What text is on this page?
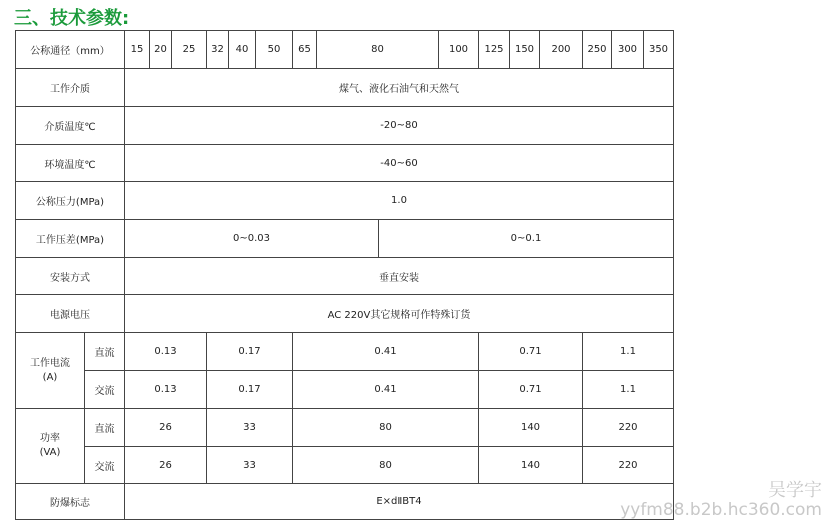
三、技术参数:
公称通径（mm）		15	20	25	32	40	50	65	80		100	125	150	200	250	300	350
工作介质		煤气、液化石油气和天然气															
介质温度℃		-20~80															
环境温度℃		-40~60															
公称压力(MPa)		1.0															
工作压差(MPa)		0~0.03								0~0.1							
安装方式		垂直安装															
电源电压		AC 220V其它规格可作特殊订货															

工作电流
(A)	直流	0.13			0.17			0.41				0.71			1.1		
	交流	0.13			0.17			0.41				0.71			1.1		

功率
(VA)	直流	26			33			80				140			220		
	交流	26			33			80				140			220		
防爆标志		E×dⅡBT4															
吴学宇
yyfm88.b2b.hc360.com
